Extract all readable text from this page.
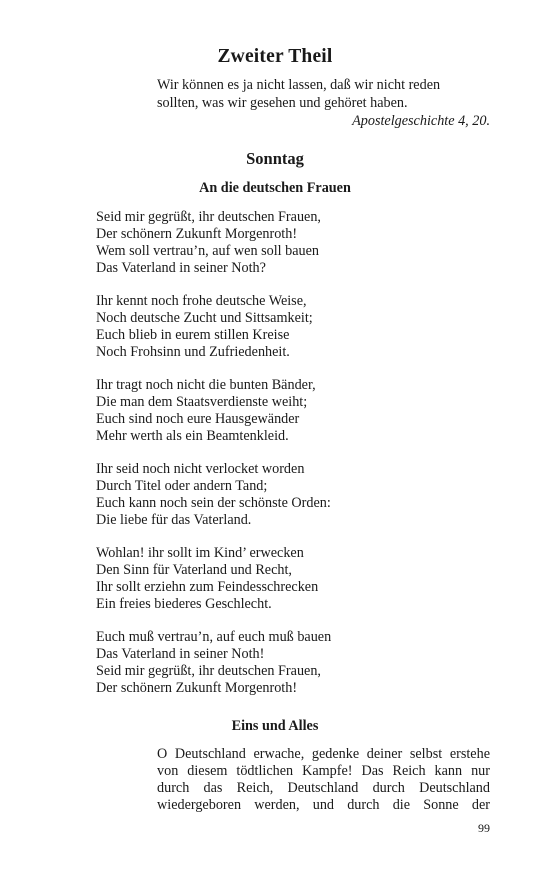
Zweiter Theil
Wir können es ja nicht lassen, daß wir nicht reden
sollten, was wir gesehen und gehöret haben.
Apostelgeschichte 4, 20.
Sonntag
An die deutschen Frauen
Seid mir gegrüßt, ihr deutschen Frauen,
Der schönern Zukunft Morgenroth!
Wem soll vertrau’n, auf wen soll bauen
Das Vaterland in seiner Noth?
Ihr kennt noch frohe deutsche Weise,
Noch deutsche Zucht und Sittsamkeit;
Euch blieb in eurem stillen Kreise
Noch Frohsinn und Zufriedenheit.
Ihr tragt noch nicht die bunten Bänder,
Die man dem Staatsverdienste weiht;
Euch sind noch eure Hausgewänder
Mehr werth als ein Beamtenkleid.
Ihr seid noch nicht verlocket worden
Durch Titel oder andern Tand;
Euch kann noch sein der schönste Orden:
Die liebe für das Vaterland.
Wohlan! ihr sollt im Kind’ erwecken
Den Sinn für Vaterland und Recht,
Ihr sollt erziehn zum Feindesschrecken
Ein freies biederes Geschlecht.
Euch muß vertrau’n, auf euch muß bauen
Das Vaterland in seiner Noth!
Seid mir gegrüßt, ihr deutschen Frauen,
Der schönern Zukunft Morgenroth!
Eins und Alles
O Deutschland erwache, gedenke deiner selbst erstehe
von diesem tödtlichen Kampfe! Das Reich kann nur
durch das Reich, Deutschland durch Deutschland
wiedergeboren werden, und durch die Sonne der
99
